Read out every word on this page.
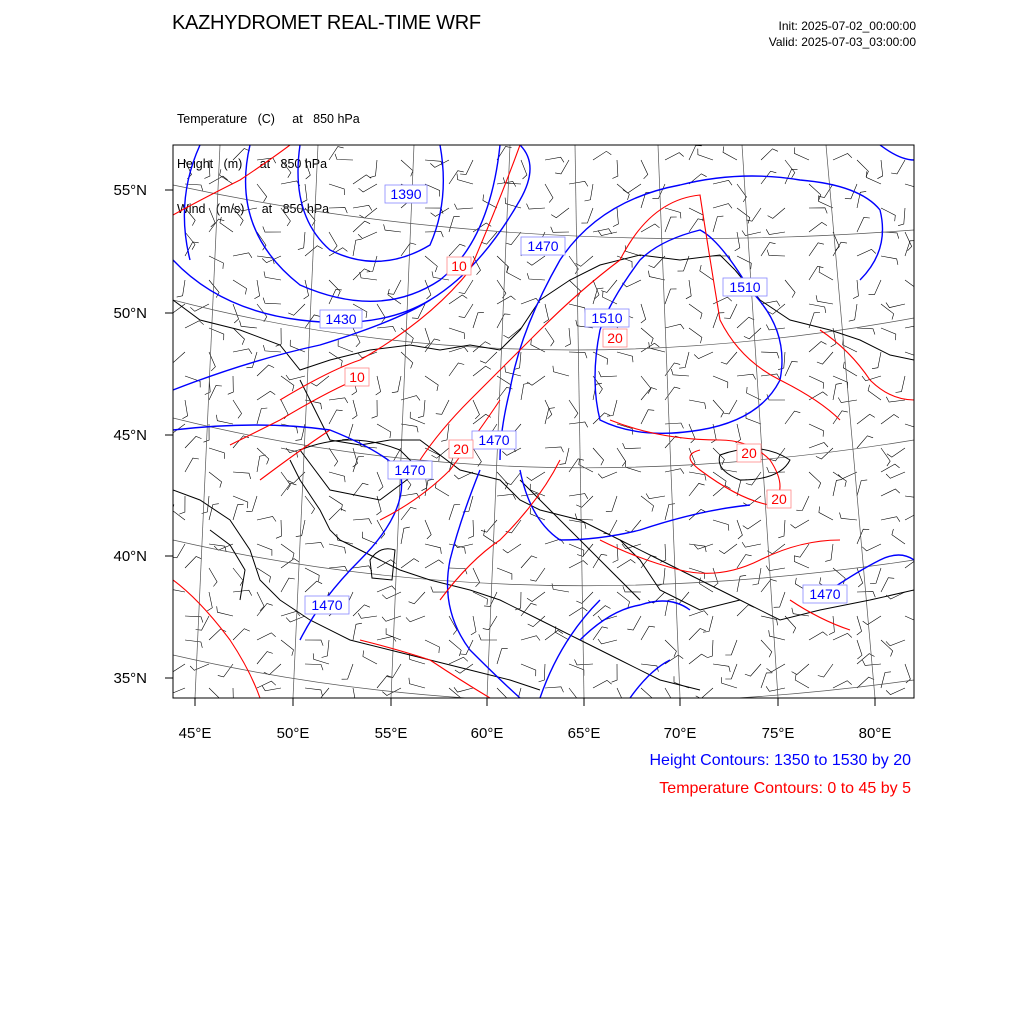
KAZHYDROMET REAL-TIME WRF	Init: 2025-07-02_00:00:00
Valid: 2025-07-03_03:00:00

Temperature   (C)     at   850 hPa

Height   (m)     at   850 hPa

Wind   (m/s)     at   850 hPa

55°N
50°N
45°N
40°N
35°N
45°E	50°E	55°E	60°E	65°E	70°E	75°E	80°E
1390
1430
1470
1510
1510
1470
1470
1470
1470
10
10
20
20	20
20
Height Contours: 1350 to 1530 by 20
Temperature Contours: 0 to 45 by 5
